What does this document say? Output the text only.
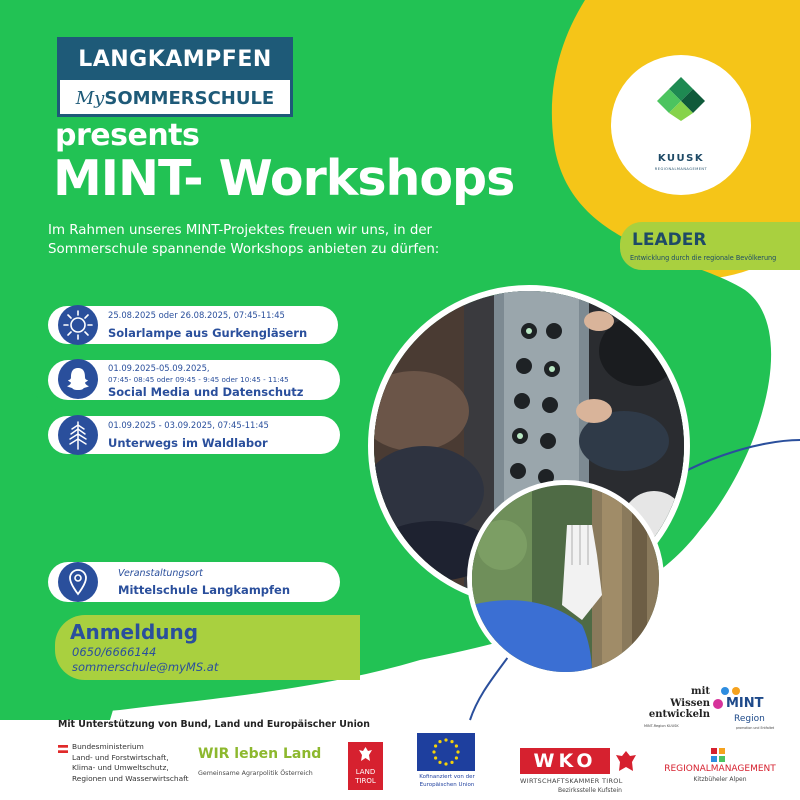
LANGKAMPFEN
MySOMMERSCHULE
presents
MINT- Workshops
Im Rahmen unseres MINT-Projektes freuen wir uns, in der Sommerschule spannende Workshops anbieten zu dürfen:
KUUSK
REGIONALMANAGEMENT
LEADER
Entwicklung durch die regionale Bevölkerung
25.08.2025 oder 26.08.2025, 07:45-11:45
Solarlampe aus Gurkengläsern
01.09.2025-05.09.2025,
07:45- 08:45 oder 09:45 - 9:45 oder 10:45 - 11:45
Social Media und Datenschutz
01.09.2025 - 03.09.2025, 07:45-11:45
Unterwegs im Waldlabor
Veranstaltungsort
Mittelschule Langkampfen
Anmeldung
0650/6666144
sommerschule@myMS.at
Mit Unterstützung von Bund, Land und Europäischer Union
Bundesministerium
Land- und Forstwirtschaft,
Klima- und Umweltschutz,
Regionen und Wasserwirtschaft
WIR leben Land
Gemeinsame Agrarpolitik Österreich	LAND
TIROL	Kofinanziert von der
Europäischen Union
mit
Wissen
entwickeln
MINT-Region KUUSK
MINT
Region
promotion und Entfaltet
WKO
WIRTSCHAFTSKAMMER TIROL
Bezirksstelle Kufstein
REGIONALMANAGEMENT
Kitzbüheler Alpen
